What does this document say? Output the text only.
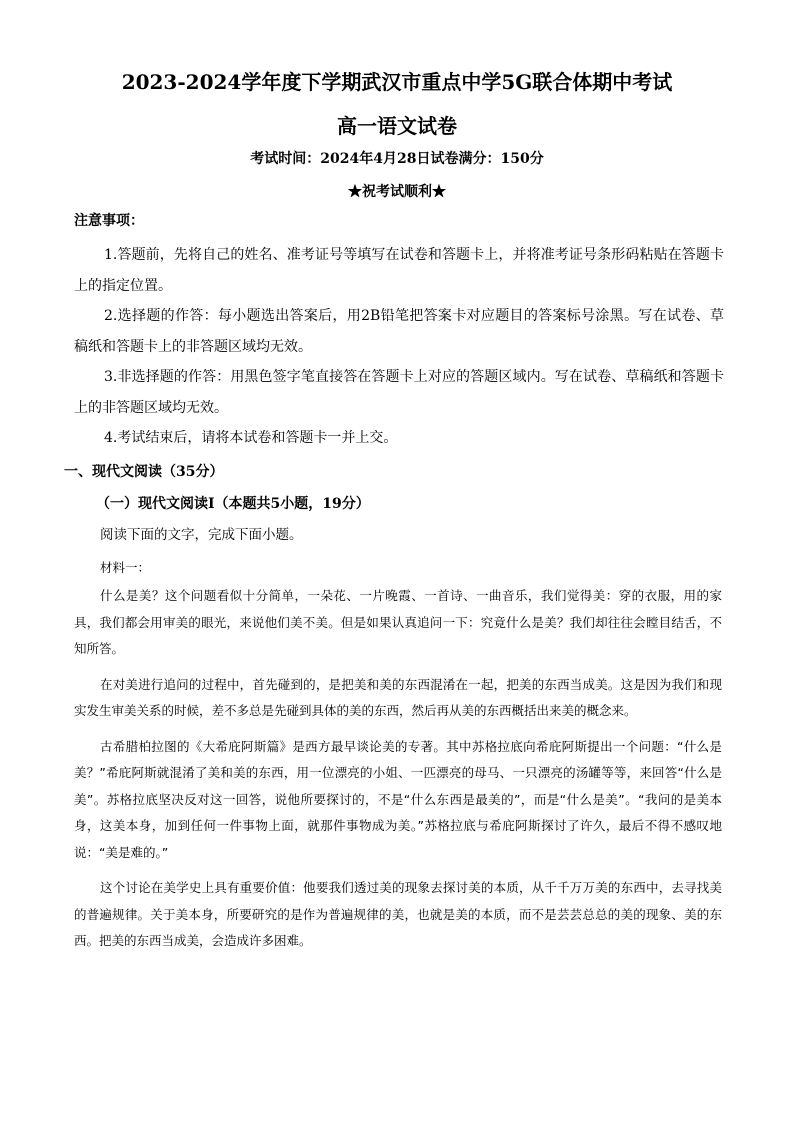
2023-2024学年度下学期武汉市重点中学5G联合体期中考试
高一语文试卷
考试时间：2024年4月28日试卷满分：150分
★祝考试顺利★
注意事项：

1.答题前，先将自己的姓名、准考证号等填写在试卷和答题卡上，并将准考证号条形码粘贴在答题卡上的指定位置。

2.选择题的作答：每小题选出答案后，用2B铅笔把答案卡对应题目的答案标号涂黑。写在试卷、草稿纸和答题卡上的非答题区域均无效。

3.非选择题的作答：用黑色签字笔直接答在答题卡上对应的答题区域内。写在试卷、草稿纸和答题卡上的非答题区域均无效。

4.考试结束后，请将本试卷和答题卡一并上交。

一、现代文阅读（35分）
（一）现代文阅读Ⅰ（本题共5小题，19分）
阅读下面的文字，完成下面小题。
材料一：

什么是美？这个问题看似十分简单，一朵花、一片晚霞、一首诗、一曲音乐，我们觉得美：穿的衣服，用的家具，我们都会用审美的眼光，来说他们美不美。但是如果认真追问一下：究竟什么是美？我们却往往会瞠目结舌，不知所答。

在对美进行追问的过程中，首先碰到的，是把美和美的东西混淆在一起，把美的东西当成美。这是因为我们和现实发生审美关系的时候，差不多总是先碰到具体的美的东西，然后再从美的东西概括出来美的概念来。

古希腊柏拉图的《大希庇阿斯篇》是西方最早谈论美的专著。其中苏格拉底向希庇阿斯提出一个问题：“什么是美？”希庇阿斯就混淆了美和美的东西，用一位漂亮的小姐、一匹漂亮的母马、一只漂亮的汤罐等等，来回答“什么是美”。苏格拉底坚决反对这一回答，说他所要探讨的，不是“什么东西是最美的”，而是“什么是美”。“我问的是美本身，这美本身，加到任何一件事物上面，就那件事物成为美。”苏格拉底与希庇阿斯探讨了许久，最后不得不感叹地说：“美是难的。”

这个讨论在美学史上具有重要价值：他要我们透过美的现象去探讨美的本质，从千千万万美的东西中，去寻找美的普遍规律。关于美本身，所要研究的是作为普遍规律的美，也就是美的本质，而不是芸芸总总的美的现象、美的东西。把美的东西当成美，会造成许多困难。
